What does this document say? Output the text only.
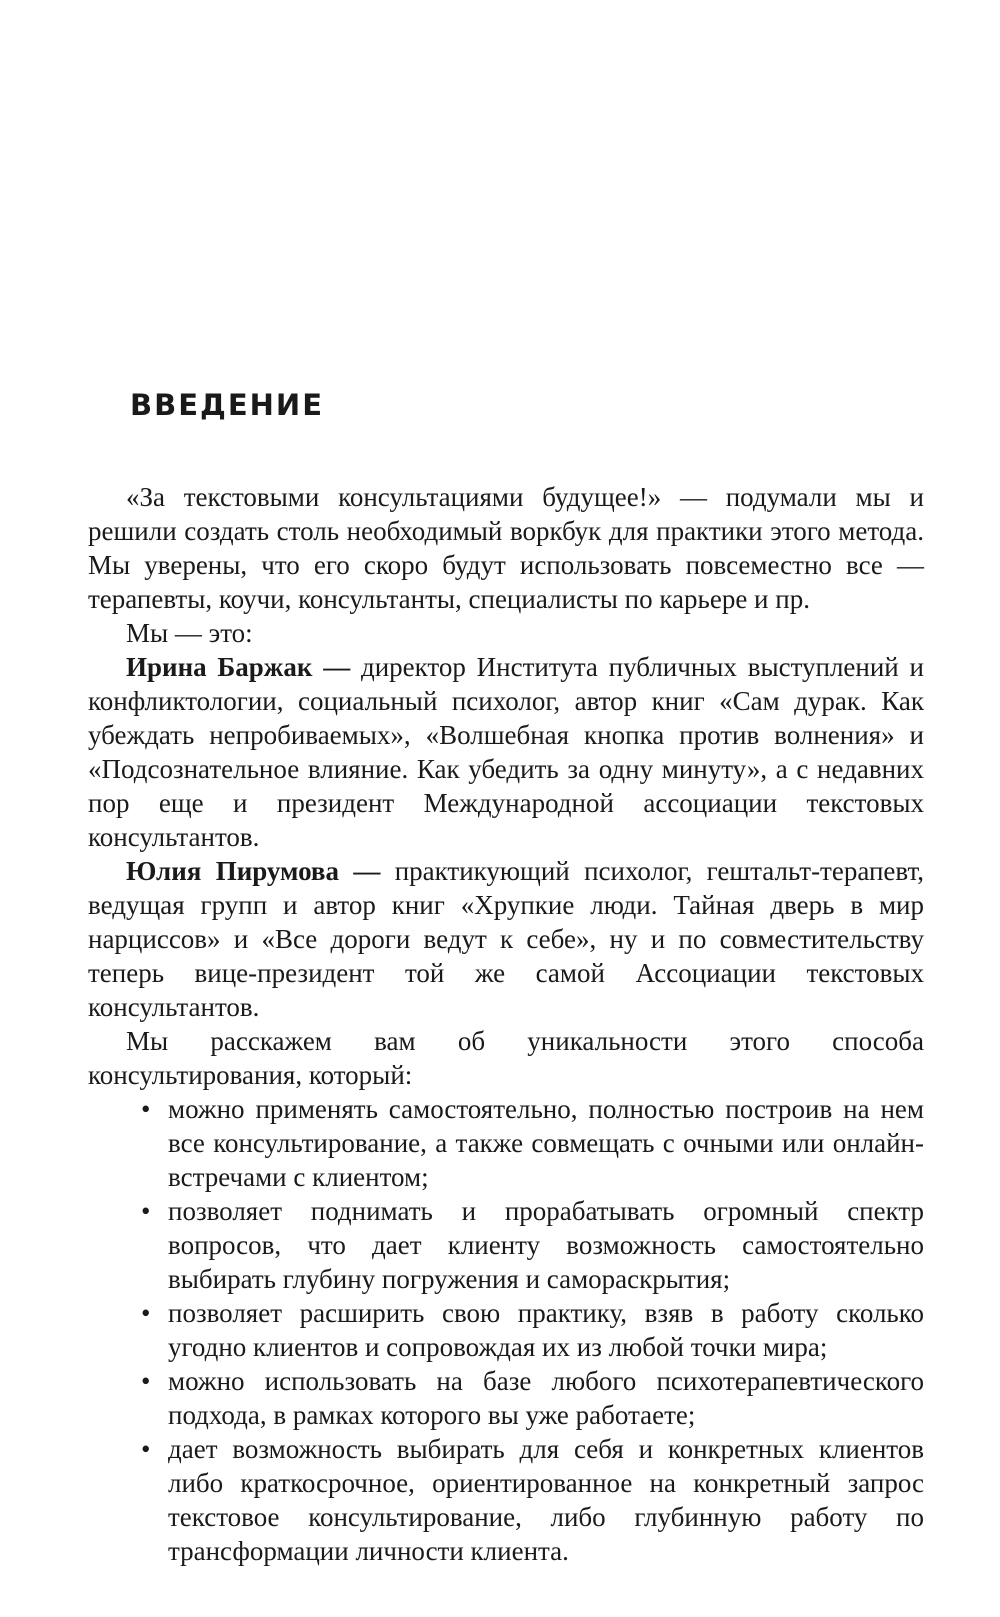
ВВЕДЕНИЕ

«За текстовыми консультациями будущее!» — подумали мы и решили создать столь необходимый воркбук для практики этого метода. Мы уверены, что его скоро будут использовать повсеместно все — терапевты, коучи, консультанты, специалисты по карьере и пр.

Мы — это:

Ирина Баржак — директор Института публичных выступлений и конфликтологии, социальный психолог, автор книг «Сам дурак. Как убеждать непробиваемых», «Волшебная кнопка против волнения» и «Подсознательное влияние. Как убедить за одну минуту», а с недавних пор еще и президент Международной ассоциации текстовых консультантов.

Юлия Пирумова — практикующий психолог, гештальт-терапевт, ведущая групп и автор книг «Хрупкие люди. Тайная дверь в мир нарциссов» и «Все дороги ведут к себе», ну и по совместительству теперь вице-президент той же самой Ассоциации текстовых консультантов.

Мы расскажем вам об уникальности этого способа консультирования, который:

• можно применять самостоятельно, полностью построив на нем все консультирование, а также совмещать с очными или онлайн-встречами с клиентом;
• позволяет поднимать и прорабатывать огромный спектр вопросов, что дает клиенту возможность самостоятельно выбирать глубину погружения и самораскрытия;
• позволяет расширить свою практику, взяв в работу сколько угодно клиентов и сопровождая их из любой точки мира;
• можно использовать на базе любого психотерапевтического подхода, в рамках которого вы уже работаете;
• дает возможность выбирать для себя и конкретных клиентов либо краткосрочное, ориентированное на конкретный запрос текстовое консультирование, либо глубинную работу по трансформации личности клиента.
